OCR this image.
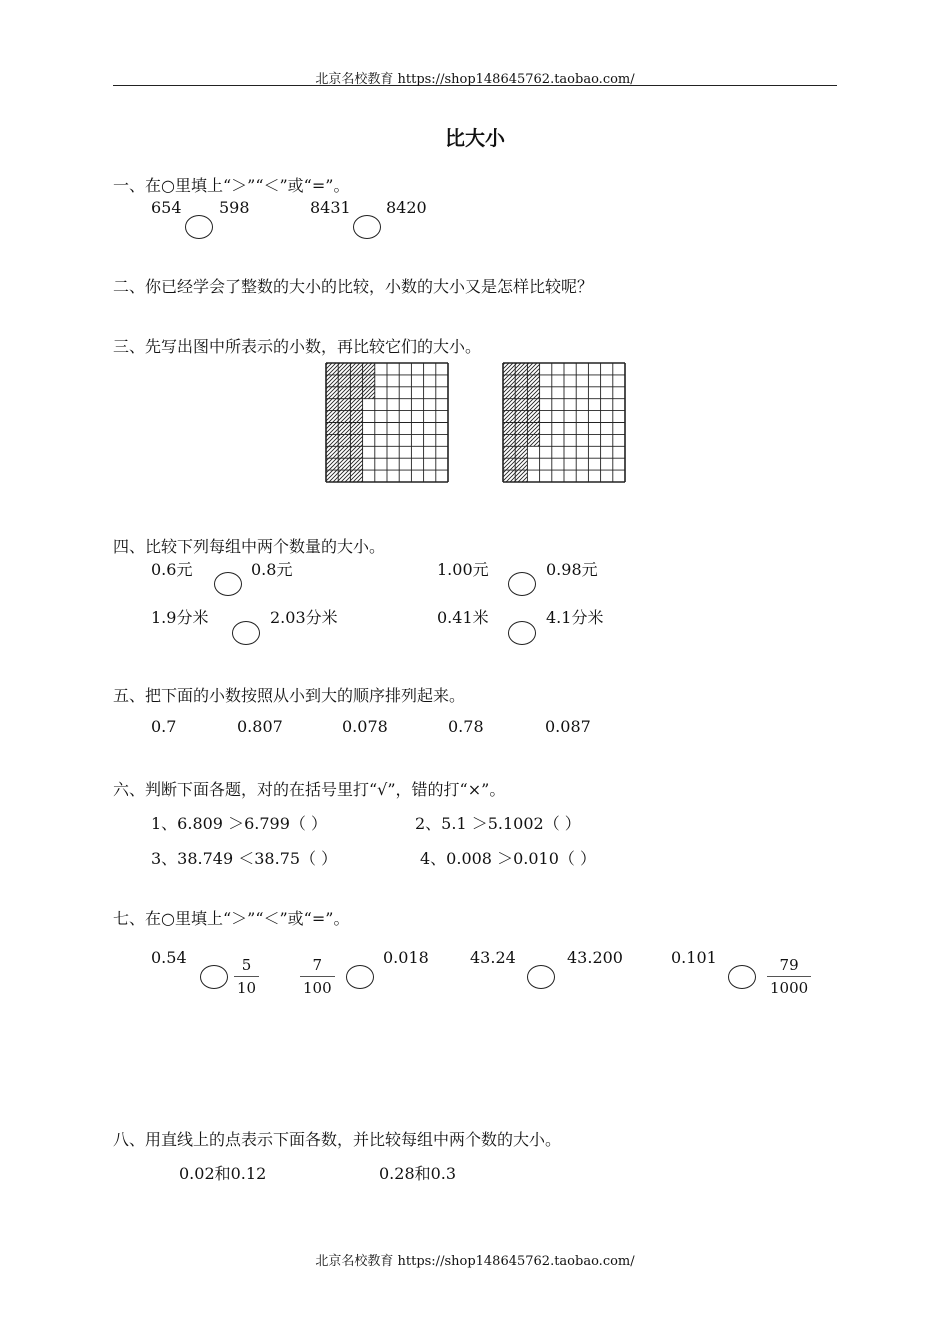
北京名校教育 https://shop148645762.taobao.com/
比大小
一、在○里填上“＞”“＜”或“=”。
654 598	8431 8420
二、你已经学会了整数的大小的比较，小数的大小又是怎样比较呢？
三、先写出图中所表示的小数，再比较它们的大小。
四、比较下列每组中两个数量的大小。
0.6元	0.8元	1.00元	0.98元
1.9分米	2.03分米	0.41米	4.1分米
五、把下面的小数按照从小到大的顺序排列起来。
0.7	0.807	0.078	0.78	0.087
六、判断下面各题，对的在括号里打“√”，错的打“×”。
1、6.809 ＞6.799（ ）	2、5.1 ＞5.1002（ ）
3、38.749 ＜38.75（ ）	4、0.008 ＞0.010（ ）
七、在○里填上“＞”“＜”或“=”。
0.54	5
10
7
100
0.018	43.24	43.200	0.101	79
1000
八、用直线上的点表示下面各数，并比较每组中两个数的大小。
0.02和0.12	0.28和0.3
北京名校教育 https://shop148645762.taobao.com/
